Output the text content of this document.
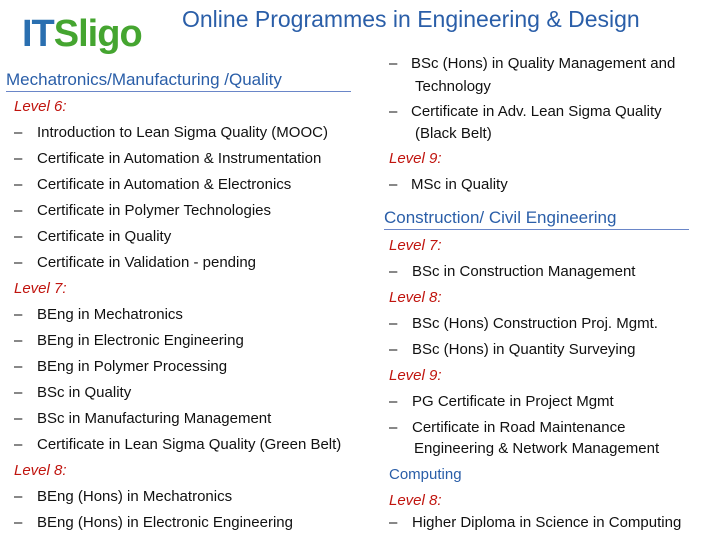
IT Sligo Online Programmes in Engineering & Design
Mechatronics/Manufacturing /Quality
Construction/ Civil Engineering
Level 6:
– Introduction to Lean Sigma Quality (MOOC)
– Certificate in Automation & Instrumentation
– Certificate in Automation & Electronics
– Certificate in Polymer Technologies
– Certificate in Quality
– Certificate in Validation - pending
Level 7:
– BEng in Mechatronics
– BEng in Electronic Engineering
– BEng in Polymer Processing
– BSc in Quality
– BSc in Manufacturing Management
– Certificate in Lean Sigma Quality (Green Belt)
Level 8:
– BEng (Hons) in Mechatronics
– BEng (Hons) in Electronic Engineering
– BSc (Hons) in Quality Management and
Technology
– Certificate in Adv. Lean Sigma Quality
(Black Belt)
Level 9:
– MSc in Quality
Level 7:
– BSc in Construction Management
Level 8:
– BSc (Hons) Construction Proj. Mgmt.
– BSc (Hons) in Quantity Surveying
Level 9:
– PG Certificate in Project Mgmt
– Certificate in Road Maintenance
Engineering & Network Management
Computing
Level 8:
– Higher Diploma in Science in Computing
